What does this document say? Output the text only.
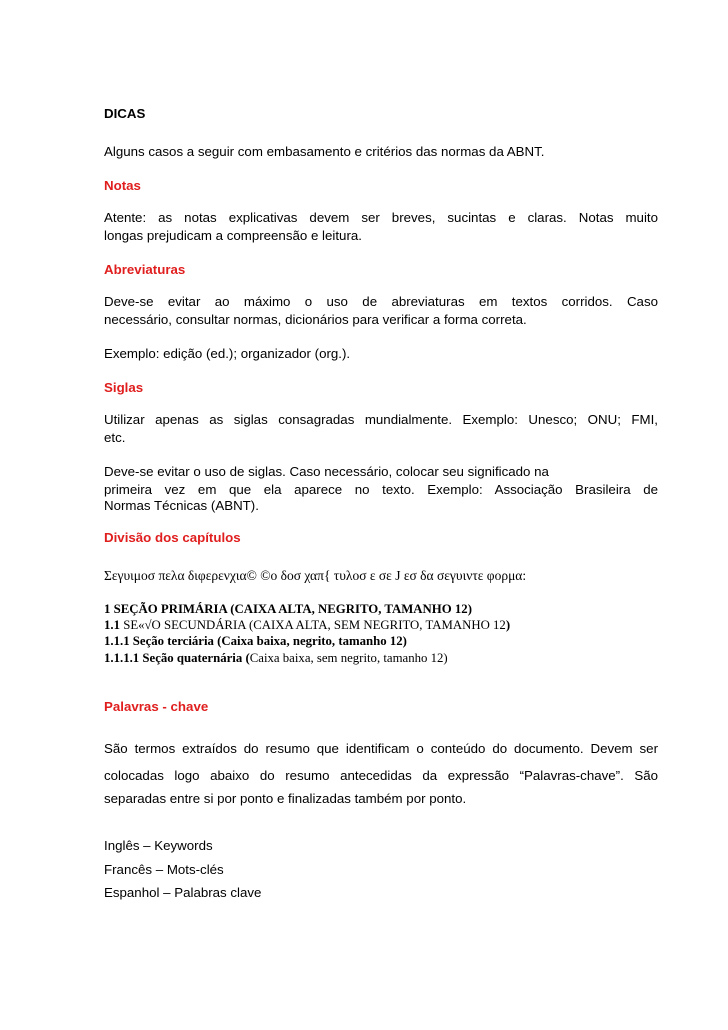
DICAS
Alguns casos a seguir com embasamento e critérios das normas da ABNT.
Notas
Atente: as notas explicativas devem ser breves, sucintas e claras. Notas muito
longas prejudicam a compreensão e leitura.
Abreviaturas
Deve-se evitar ao máximo o uso de abreviaturas em textos corridos. Caso
necessário, consultar normas, dicionários para verificar a forma correta.
Exemplo: edição (ed.); organizador (org.).
Siglas
Utilizar apenas as siglas consagradas mundialmente. Exemplo: Unesco; ONU; FMI,
etc.
Deve-se evitar o uso de siglas. Caso necessário, colocar seu significado na
primeira vez em que ela aparece no texto. Exemplo: Associação Brasileira de
Normas Técnicas (ABNT).
Divisão dos capítulos
Σεγυιμοσ πελα διφερενχια© ©ο δοσ χαπ{ τυλοσ ε σε J εσ δα σεγυιντε φορμα:
1 SEÇÃO PRIMÁRIA (CAIXA ALTA, NEGRITO, TAMANHO 12)
1.1 SE«√O SECUNDÁRIA (CAIXA ALTA, SEM NEGRITO, TAMANHO 12)
1.1.1 Seção terciária (Caixa baixa, negrito, tamanho 12)
1.1.1.1 Seção quaternária (Caixa baixa, sem negrito, tamanho 12)
Palavras - chave
São termos extraídos do resumo que identificam o conteúdo do documento. Devem ser
colocadas logo abaixo do resumo antecedidas da expressão “Palavras-chave”. São
separadas entre si por ponto e finalizadas também por ponto.
Inglês – Keywords
Francês – Mots-clés
Espanhol – Palabras clave
